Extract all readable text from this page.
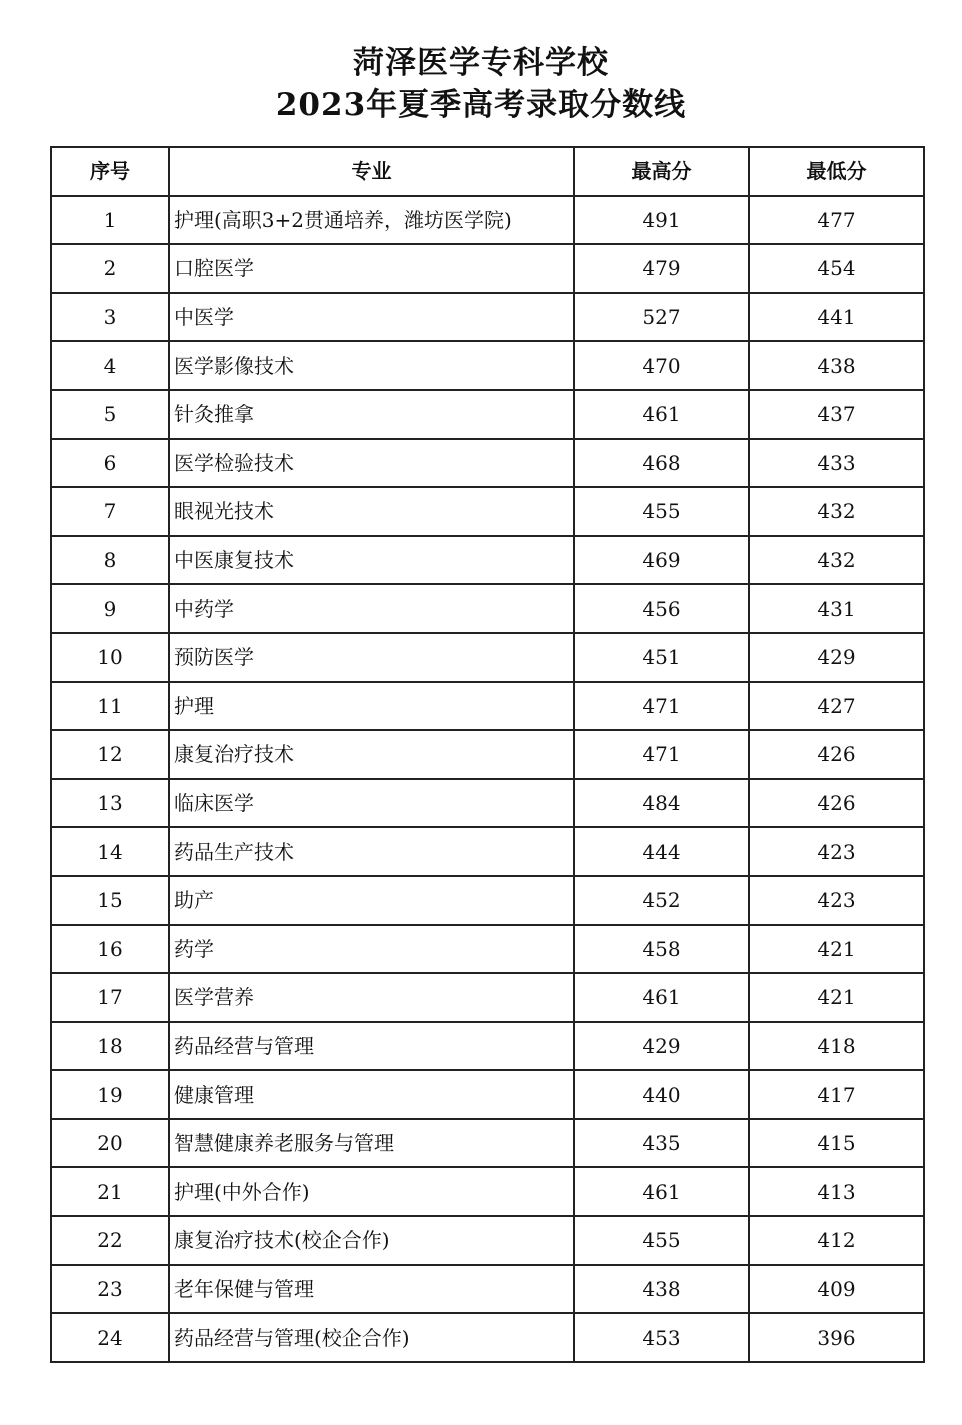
菏泽医学专科学校
2023年夏季高考录取分数线
序号	专业	最高分	最低分
1	护理(高职3+2贯通培养，潍坊医学院)	491	477
2	口腔医学	479	454
3	中医学	527	441
4	医学影像技术	470	438
5	针灸推拿	461	437
6	医学检验技术	468	433
7	眼视光技术	455	432
8	中医康复技术	469	432
9	中药学	456	431
10	预防医学	451	429
11	护理	471	427
12	康复治疗技术	471	426
13	临床医学	484	426
14	药品生产技术	444	423
15	助产	452	423
16	药学	458	421
17	医学营养	461	421
18	药品经营与管理	429	418
19	健康管理	440	417
20	智慧健康养老服务与管理	435	415
21	护理(中外合作)	461	413
22	康复治疗技术(校企合作)	455	412
23	老年保健与管理	438	409
24	药品经营与管理(校企合作)	453	396
